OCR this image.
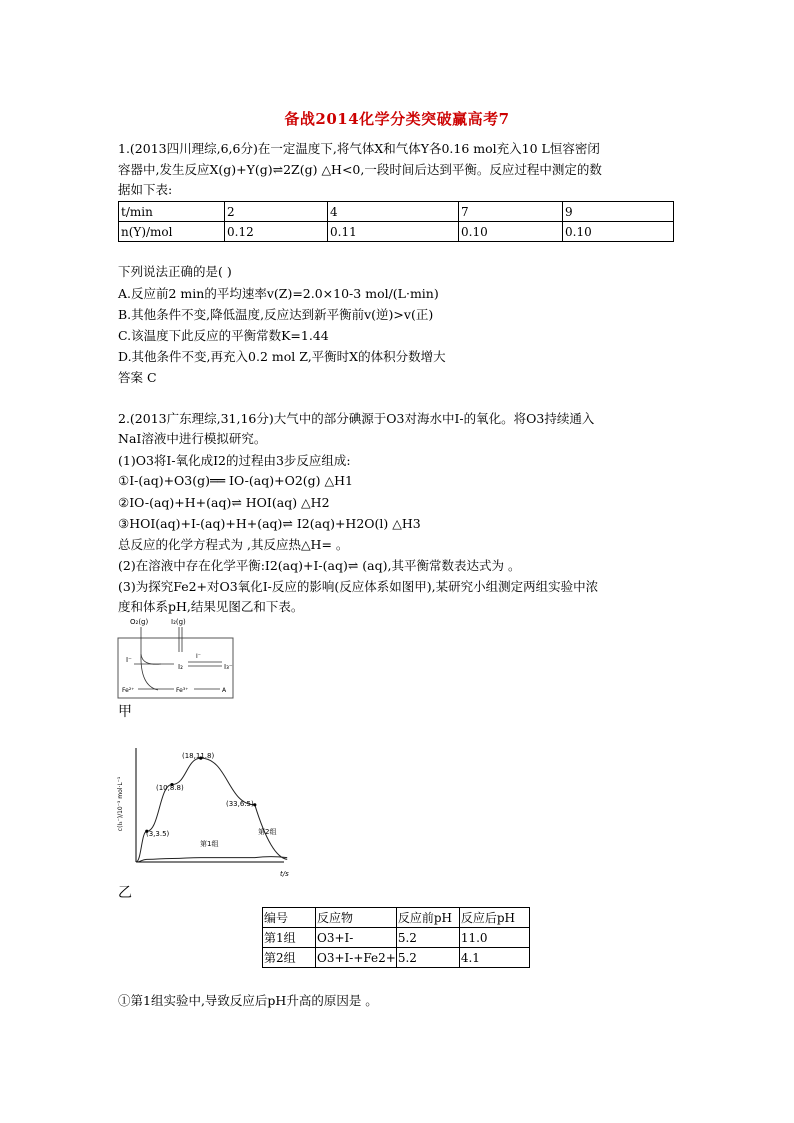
备战2014化学分类突破赢高考7
1.(2013四川理综,6,6分)在一定温度下,将气体X和气体Y各0.16 mol充入10 L恒容密闭
容器中,发生反应X(g)+Y(g)⇌2Z(g) △H<0,一段时间后达到平衡。反应过程中测定的数
据如下表:
t/min	2	4	7	9
n(Y)/mol	0.12	0.11	0.10	0.10
下列说法正确的是( )
A.反应前2 min的平均速率v(Z)=2.0×10-3 mol/(L·min)
B.其他条件不变,降低温度,反应达到新平衡前v(逆)>v(正)
C.该温度下此反应的平衡常数K=1.44
D.其他条件不变,再充入0.2 mol Z,平衡时X的体积分数增大
答案 C
2.(2013广东理综,31,16分)大气中的部分碘源于O3对海水中I-的氧化。将O3持续通入
NaI溶液中进行模拟研究。
(1)O3将I-氧化成I2的过程由3步反应组成:
①I-(aq)+O3(g)══ IO-(aq)+O2(g) △H1
②IO-(aq)+H+(aq)⇌ HOI(aq) △H2
③HOI(aq)+I-(aq)+H+(aq)⇌ I2(aq)+H2O(l) △H3
总反应的化学方程式为 ,其反应热△H= 。
(2)在溶液中存在化学平衡:I2(aq)+I-(aq)⇌ (aq),其平衡常数表达式为 。
(3)为探究Fe2+对O3氧化I-反应的影响(反应体系如图甲),某研究小组测定两组实验中浓
度和体系pH,结果见图乙和下表。
O₂(g)	I₂(g)
I⁻
I₂
I⁻
I₃⁻
Fe²⁺	Fe³⁺	A
甲
c(I₃⁻)/10⁻³ mol·L⁻¹
t/s
第2组
第1组
(18,11.8)
(10,8.8)
(33,6.5)
(3,3.5)
乙
编号	反应物	反应前pH	反应后pH
第1组	O3+I-	5.2	11.0
第2组	O3+I-+Fe2+	5.2	4.1
①第1组实验中,导致反应后pH升高的原因是 。
